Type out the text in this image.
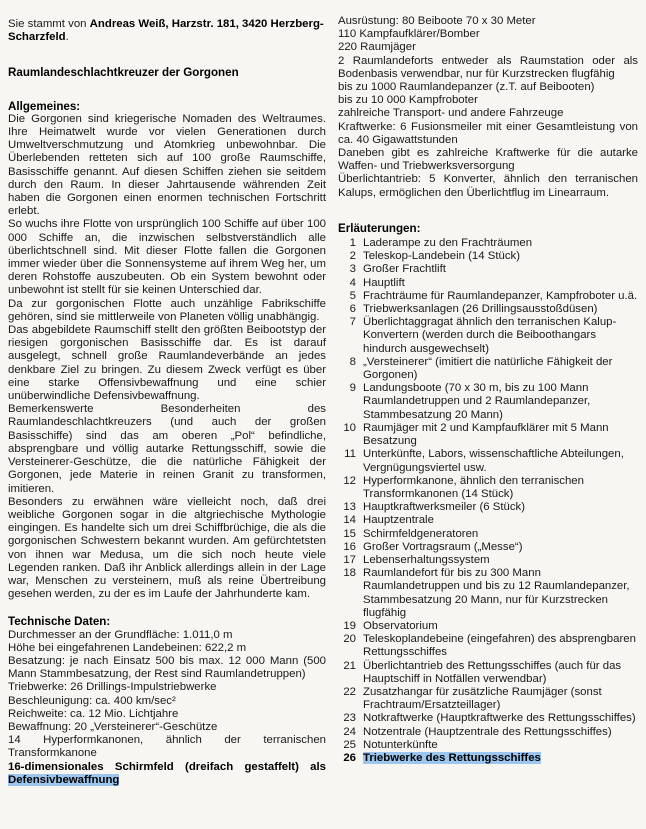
Sie stammt von Andreas Weiß, Harzstr. 181, 3420 Herzberg-Scharzfeld.

Raumlandeschlachtkreuzer der Gorgonen

Allgemeines:

Die Gorgonen sind kriegerische Nomaden des Weltraumes. Ihre Heimatwelt wurde vor vielen Generationen durch Umweltverschmutzung und Atomkrieg unbewohnbar. Die Überlebenden retteten sich auf 100 große Raumschiffe, Basisschiffe genannt. Auf diesen Schiffen ziehen sie seitdem durch den Raum. In dieser Jahrtausende währenden Zeit haben die Gorgonen einen enormen technischen Fortschritt erlebt.

So wuchs ihre Flotte von ursprünglich 100 Schiffe auf über 100 000 Schiffe an, die inzwischen selbstverständlich alle überlichtschnell sind. Mit dieser Flotte fallen die Gorgonen immer wieder über die Sonnensysteme auf ihrem Weg her, um deren Rohstoffe auszubeuten. Ob ein System bewohnt oder unbewohnt ist stellt für sie keinen Unterschied dar.

Da zur gorgonischen Flotte auch unzählige Fabrikschiffe gehören, sind sie mittlerweile von Planeten völlig unabhängig.

Das abgebildete Raumschiff stellt den größten Beibootstyp der riesigen gorgonischen Basisschiffe dar. Es ist darauf ausgelegt, schnell große Raumlandeverbände an jedes denkbare Ziel zu bringen. Zu diesem Zweck verfügt es über eine starke Offensivbewaffnung und eine schier unüberwindliche Defensivbewaffnung.

Bemerkenswerte Besonderheiten des Raumlandeschlachtkreuzers (und auch der großen Basisschiffe) sind das am oberen „Pol“ befindliche, absprengbare und völlig autarke Rettungsschiff, sowie die Versteinerer-Geschütze, die die natürliche Fähigkeit der Gorgonen, jede Materie in reinen Granit zu transformen, imitieren.

Besonders zu erwähnen wäre vielleicht noch, daß drei weibliche Gorgonen sogar in die altgriechische Mythologie eingingen. Es handelte sich um drei Schiffbrüchige, die als die gorgonischen Schwestern bekannt wurden. Am gefürchtetsten von ihnen war Medusa, um die sich noch heute viele Legenden ranken. Daß ihr Anblick allerdings allein in der Lage war, Menschen zu versteinern, muß als reine Übertreibung gesehen werden, zu der es im Laufe der Jahrhunderte kam.

Technische Daten:

Durchmesser an der Grundfläche: 1.011,0 m

Höhe bei eingefahrenen Landebeinen: 622,2 m

Besatzung: je nach Einsatz 500 bis max. 12 000 Mann (500 Mann Stammbesatzung, der Rest sind Raumlandetruppen)

Triebwerke: 26 Drillings-Impulstriebwerke

Beschleunigung: ca. 400 km/sec²

Reichweite: ca. 12 Mio. Lichtjahre

Bewaffnung: 20 „Versteinerer“-Geschütze

14 Hyperformkanonen, ähnlich der terranischen Transformkanone

16-dimensionales Schirmfeld (dreifach gestaffelt) als Defensivbewaffnung

Ausrüstung: 80 Beiboote 70 x 30 Meter

110 Kampfaufklärer/Bomber

220 Raumjäger

2 Raumlandeforts entweder als Raumstation oder als Bodenbasis verwendbar, nur für Kurzstrecken flugfähig

bis zu 1000 Raumlandepanzer (z.T. auf Beibooten)

bis zu 10 000 Kampfroboter

zahlreiche Transport- und andere Fahrzeuge

Kraftwerke: 6 Fusionsmeiler mit einer Gesamtleistung von ca. 40 Gigawattstunden

Daneben gibt es zahlreiche Kraftwerke für die autarke Waffen- und Triebwerksversorgung

Überlichtantrieb: 5 Konverter, ähnlich den terranischen Kalups, ermöglichen den Überlichtflug im Linearraum.

Erläuterungen:

1 Laderampe zu den Frachträumen
2 Teleskop-Landebein (14 Stück)
3 Großer Frachtlift
4 Hauptlift
5 Frachträume für Raumlandepanzer, Kampfroboter u.ä.
6 Triebwerksanlagen (26 Drillingsausstoßdüsen)
7 Überlichtaggragat ähnlich den terranischen Kalup-Konvertern (werden durch die Beiboothangars hindurch ausgewechselt)
8 „Versteinerer“ (imitiert die natürliche Fähigkeit der Gorgonen)
9 Landungsboote (70 x 30 m, bis zu 100 Mann Raumlandetruppen und 2 Raumlandepanzer, Stammbesatzung 20 Mann)
10 Raumjäger mit 2 und Kampfaufklärer mit 5 Mann Besatzung
11 Unterkünfte, Labors, wissenschaftliche Abteilungen, Vergnügungsviertel usw.
12 Hyperformkanone, ähnlich den terranischen Transformkanonen (14 Stück)
13 Hauptkraftwerksmeiler (6 Stück)
14 Hauptzentrale
15 Schirmfeldgeneratoren
16 Großer Vortragsraum („Messe“)
17 Lebenserhaltungssystem
18 Raumlandefort für bis zu 300 Mann Raumlandetruppen und bis zu 12 Raumlandepanzer, Stammbesatzung 20 Mann, nur für Kurzstrecken flugfähig
19 Observatorium
20 Teleskoplandebeine (eingefahren) des absprengbaren Rettungsschiffes
21 Überlichtantrieb des Rettungsschiffes (auch für das Hauptschiff in Notfällen verwendbar)
22 Zusatzhangar für zusätzliche Raumjäger (sonst Frachtraum/Ersatzteillager)
23 Notkraftwerke (Hauptkraftwerke des Rettungsschiffes)
24 Notzentrale (Hauptzentrale des Rettungsschiffes)
25 Notunterkünfte
26 Triebwerke des Rettungsschiffes
